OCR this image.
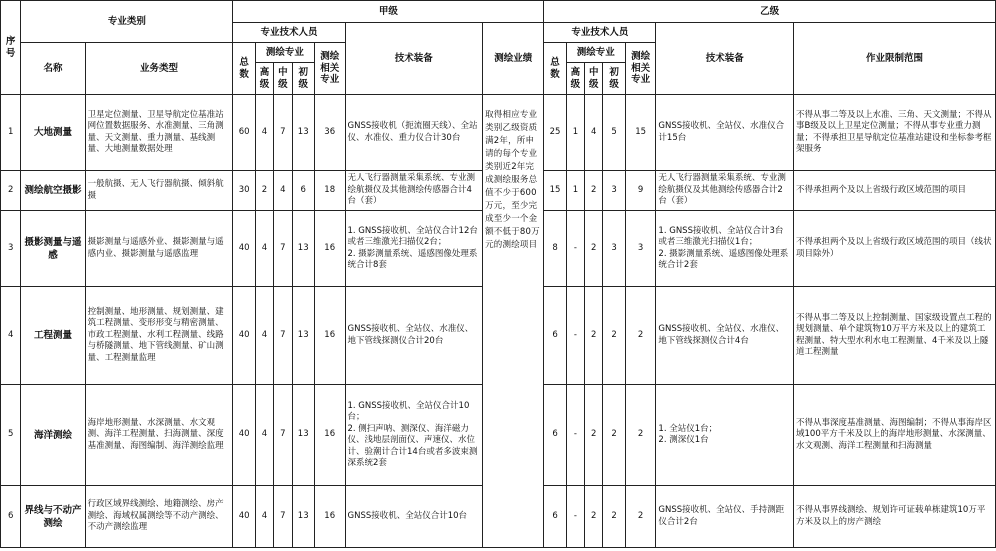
序号	专业类别		甲级							乙级						
			专业技术人员					技术装备	测绘业绩	专业技术人员					技术装备	作业限制范围
	名称	业务类型	总数	测绘专业			测绘相关专业			总数	测绘专业			测绘相关专业		
				高级	中级	初级					高级	中级	初级			
1	大地测量	卫星定位测量、卫星导航定位基准站网位置数据服务、水准测量、三角测量、天文测量、重力测量、基线测量、大地测量数据处理	60	4	7	13	36	GNSS接收机（扼流圈天线）、全站仪、水准仪、重力仪合计30台	取得相应专业类别乙级资质满2年，所申请的每个专业类别近2年完成测绘服务总值不少于600万元，至少完成至少一个金额不低于80万元的测绘项目	25	1	4	5	15	GNSS接收机、全站仪、水准仪合计15台	不得从事二等及以上水准、三角、天文测量；不得从事B级及以上卫星定位测量；不得从事专业重力测量；不得承担卫星导航定位基准站建设和坐标参考框架服务
2	测绘航空摄影	一般航摄、无人飞行器航摄、倾斜航摄	30	2	4	6	18	无人飞行器测量采集系统、专业测绘航摄仪及其他测绘传感器合计4台（套）		15	1	2	3	9	无人飞行器测量采集系统、专业测绘航摄仪及其他测绘传感器合计2台（套）	不得承担两个及以上省级行政区域范围的项目
3	摄影测量与遥感	摄影测量与遥感外业、摄影测量与遥感内业、摄影测量与遥感监理	40	4	7	13	16	1. GNSS接收机、全站仪合计12台或者三维激光扫描仪2台；
2. 摄影测量系统、遥感图像处理系统合计8套		8	-	2	3	3	1. GNSS接收机、全站仪合计3台或者三维激光扫描仪1台；
2. 摄影测量系统、遥感图像处理系统合计2套	不得承担两个及以上省级行政区域范围的项目（线状项目除外）
4	工程测量	控制测量、地形测量、规划测量、建筑工程测量、变形形变与精密测量、市政工程测量、水利工程测量、线路与桥隧测量、地下管线测量、矿山测量、工程测量监理	40	4	7	13	16	GNSS接收机、全站仪、水准仪、地下管线探测仪合计20台		6	-	2	2	2	GNSS接收机、全站仪、水准仪、地下管线探测仪合计4台	不得从事二等及以上控制测量、国家级设置点工程的规划测量、单个建筑物10万平方米及以上的建筑工程测量、特大型水利水电工程测量、4千米及以上隧道工程测量
5	海洋测绘	海岸地形测量、水深测量、水文观测、海洋工程测量、扫海测量、深度基准测量、海图编制、海洋测绘监理	40	4	7	13	16	1. GNSS接收机、全站仪合计10台；
2. 侧扫声呐、测深仪、海洋磁力仪、浅地层剖面仪、声速仪、水位计、验潮计合计14台或者多波束测深系统2套		6	-	2	2	2	1. 全站仪1台；
2. 测深仪1台	不得从事深度基准测量、海图编制；不得从事海岸区域100平方千米及以上的海岸地形测量、水深测量、水文观测、海洋工程测量和扫海测量
6	界线与不动产测绘	行政区域界线测绘、地籍测绘、房产测绘、海域权属测绘等不动产测绘、不动产测绘监理	40	4	7	13	16	GNSS接收机、全站仪合计10台		6	-	2	2	2	GNSS接收机、全站仪、手持测距仪合计2台	不得从事界线测绘、规划许可证载单栋建筑10万平方米及以上的房产测绘
